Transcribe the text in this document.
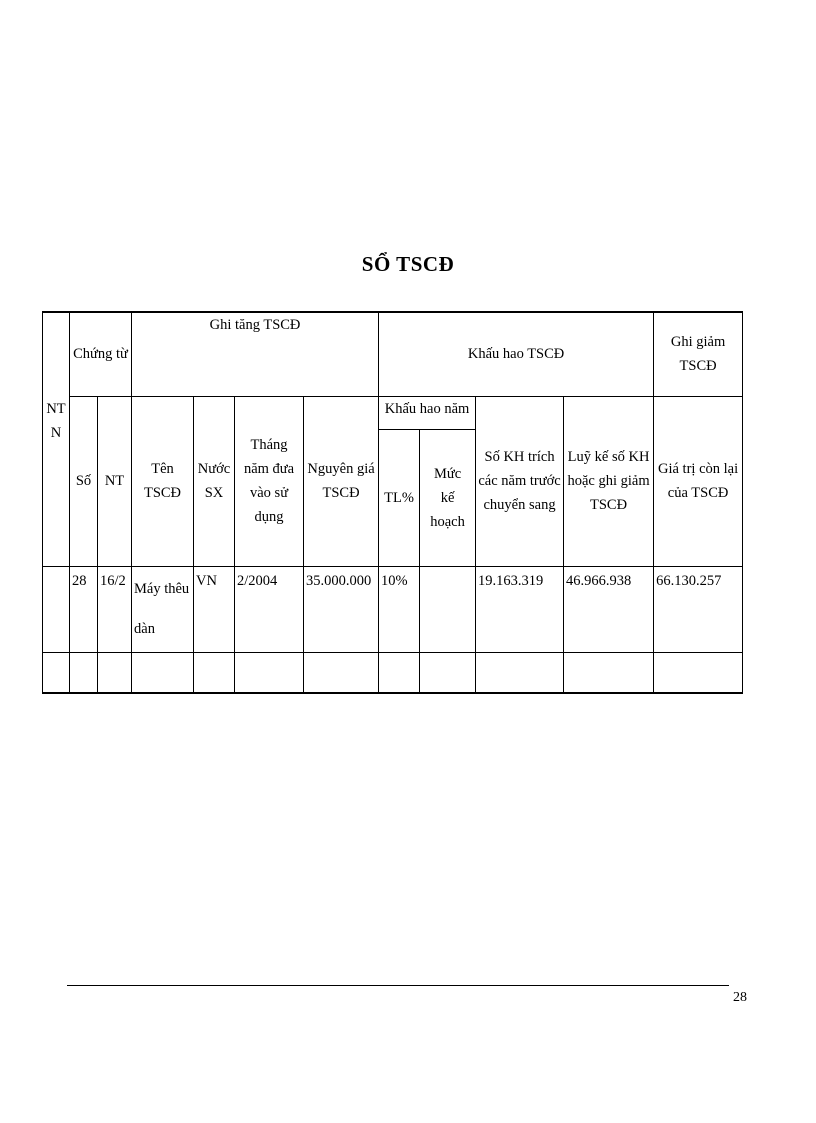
SỔ TSCĐ
NT N	Chứng từ		Ghi tăng TSCĐ				Khấu hao TSCĐ				Ghi giảm TSCĐ
	Số	NT	Tên TSCĐ	Nước SX	Tháng năm đưa vào sử dụng	Nguyên giá TSCĐ	Khấu hao năm		Số KH trích các năm trước chuyển sang	Luỹ kế số KH hoặc ghi giảm TSCĐ	Giá trị còn lại của TSCĐ
							TL%	Mức kế hoạch			
	28	16/2	Máy thêu dàn	VN	2/2004	35.000.000	10%		19.163.319	46.966.938	66.130.257

28
